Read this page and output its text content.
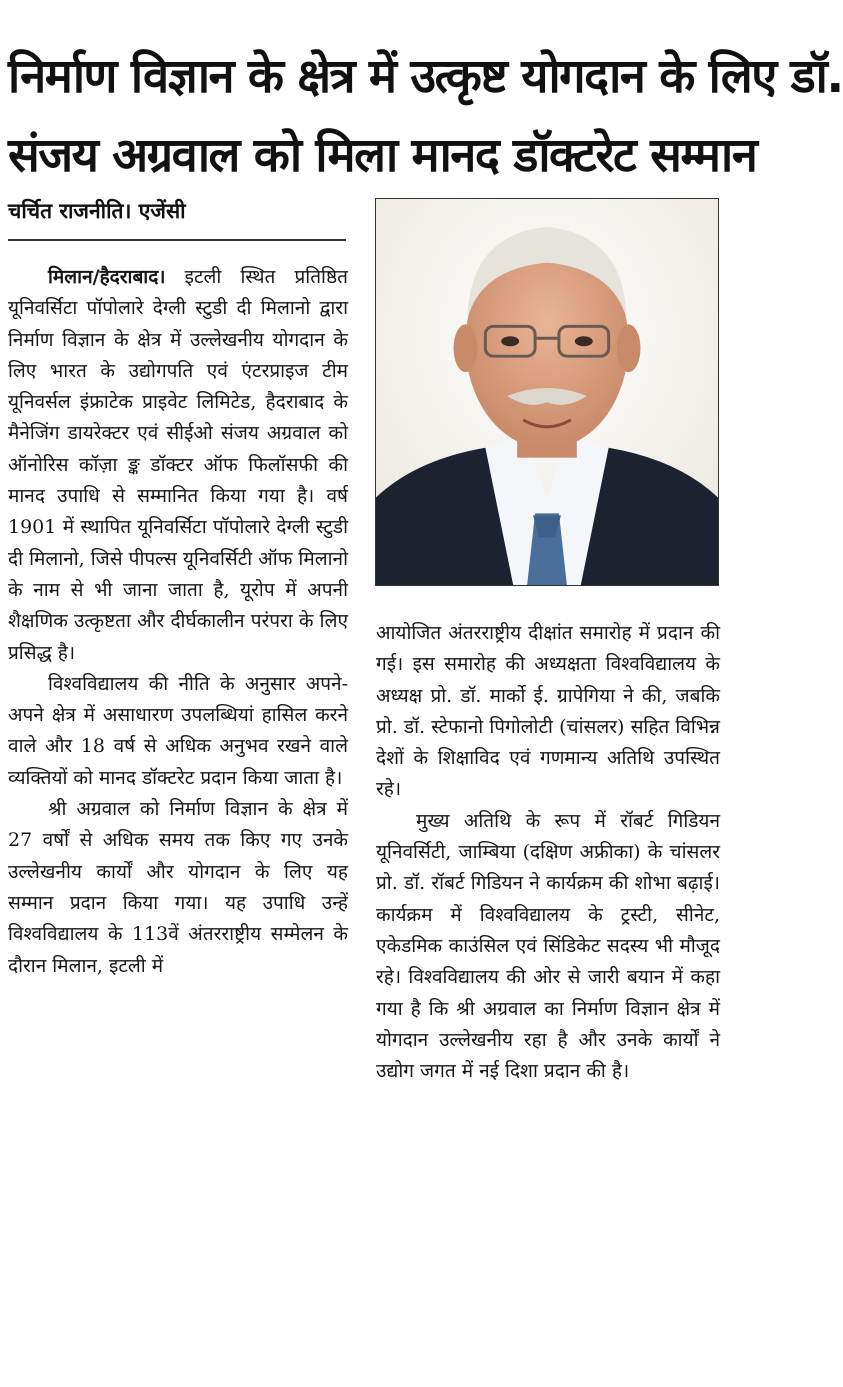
निर्माण विज्ञान के क्षेत्र में उत्कृष्ट योगदान के लिए डॉ.
संजय अग्रवाल को मिला मानद डॉक्टरेट सम्मान
चर्चित राजनीति। एजेंसी

मिलान/हैदराबाद। इटली स्थित प्रतिष्ठित यूनिवर्सिटा पॉपोलारे देग्ली स्टुडी दी मिलानो द्वारा निर्माण विज्ञान के क्षेत्र में उल्लेखनीय योगदान के लिए भारत के उद्योगपति एवं एंटरप्राइज टीम यूनिवर्सल इंफ्राटेक प्राइवेट लिमिटेड, हैदराबाद के मैनेजिंग डायरेक्टर एवं सीईओ संजय अग्रवाल को ऑनोरिस कॉज़ा ङ्क डॉक्टर ऑफ फिलॉसफी की मानद उपाधि से सम्मानित किया गया है। वर्ष 1901 में स्थापित यूनिवर्सिटा पॉपोलारे देग्ली स्टुडी दी मिलानो, जिसे पीपल्स यूनिवर्सिटी ऑफ मिलानो के नाम से भी जाना जाता है, यूरोप में अपनी शैक्षणिक उत्कृष्टता और दीर्घकालीन परंपरा के लिए प्रसिद्ध है।

विश्वविद्यालय की नीति के अनुसार अपने-अपने क्षेत्र में असाधारण उपलब्धियां हासिल करने वाले और 18 वर्ष से अधिक अनुभव रखने वाले व्यक्तियों को मानद डॉक्टरेट प्रदान किया जाता है।

श्री अग्रवाल को निर्माण विज्ञान के क्षेत्र में 27 वर्षों से अधिक समय तक किए गए उनके उल्लेखनीय कार्यों और योगदान के लिए यह सम्मान प्रदान किया गया। यह उपाधि उन्हें विश्वविद्यालय के 113वें अंतरराष्ट्रीय सम्मेलन के दौरान मिलान, इटली में

आयोजित अंतरराष्ट्रीय दीक्षांत समारोह में प्रदान की गई। इस समारोह की अध्यक्षता विश्वविद्यालय के अध्यक्ष प्रो. डॉ. मार्को ई. ग्रापेगिया ने की, जबकि प्रो. डॉ. स्टेफानो पिगोलोटी (चांसलर) सहित विभिन्न देशों के शिक्षाविद एवं गणमान्य अतिथि उपस्थित रहे।

मुख्य अतिथि के रूप में रॉबर्ट गिडियन यूनिवर्सिटी, जाम्बिया (दक्षिण अफ्रीका) के चांसलर प्रो. डॉ. रॉबर्ट गिडियन ने कार्यक्रम की शोभा बढ़ाई। कार्यक्रम में विश्वविद्यालय के ट्रस्टी, सीनेट, एकेडमिक काउंसिल एवं सिंडिकेट सदस्य भी मौजूद रहे। विश्वविद्यालय की ओर से जारी बयान में कहा गया है कि श्री अग्रवाल का निर्माण विज्ञान क्षेत्र में योगदान उल्लेखनीय रहा है और उनके कार्यों ने उद्योग जगत में नई दिशा प्रदान की है।
